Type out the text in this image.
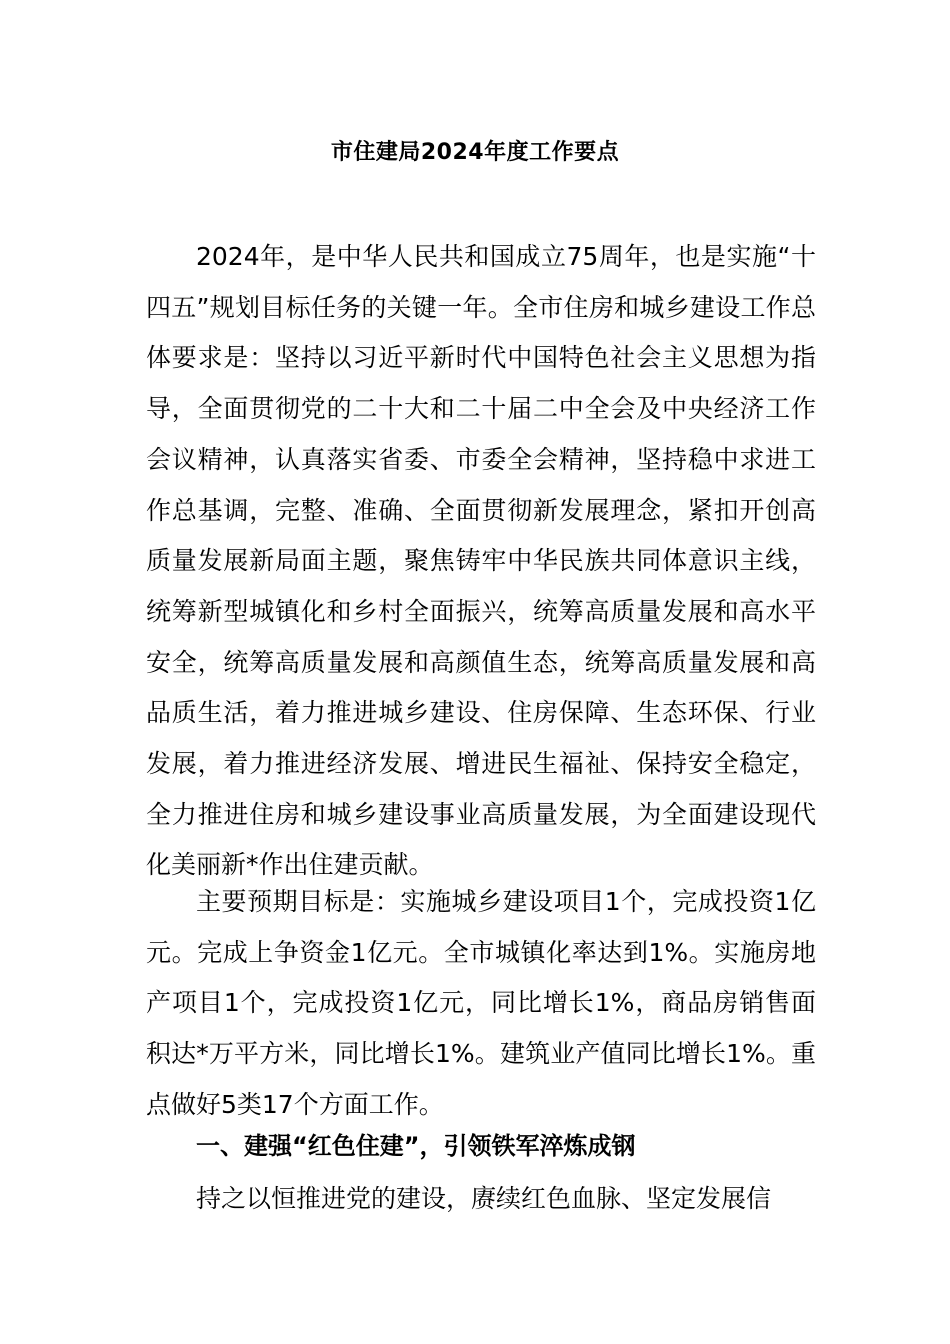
市住建局2024年度工作要点

2024年，是中华人民共和国成立75周年，也是实施“十四五”规划目标任务的关键一年。全市住房和城乡建设工作总体要求是：坚持以习近平新时代中国特色社会主义思想为指导，全面贯彻党的二十大和二十届二中全会及中央经济工作会议精神，认真落实省委、市委全会精神，坚持稳中求进工作总基调，完整、准确、全面贯彻新发展理念，紧扣开创高质量发展新局面主题，聚焦铸牢中华民族共同体意识主线，统筹新型城镇化和乡村全面振兴，统筹高质量发展和高水平安全，统筹高质量发展和高颜值生态，统筹高质量发展和高品质生活，着力推进城乡建设、住房保障、生态环保、行业发展，着力推进经济发展、增进民生福祉、保持安全稳定，全力推进住房和城乡建设事业高质量发展，为全面建设现代化美丽新*作出住建贡献。

主要预期目标是：实施城乡建设项目1个，完成投资1亿元。完成上争资金1亿元。全市城镇化率达到1%。实施房地产项目1个，完成投资1亿元，同比增长1%，商品房销售面积达*万平方米，同比增长1%。建筑业产值同比增长1%。重点做好5类17个方面工作。

一、建强“红色住建”，引领铁军淬炼成钢

持之以恒推进党的建设，赓续红色血脉、坚定发展信
